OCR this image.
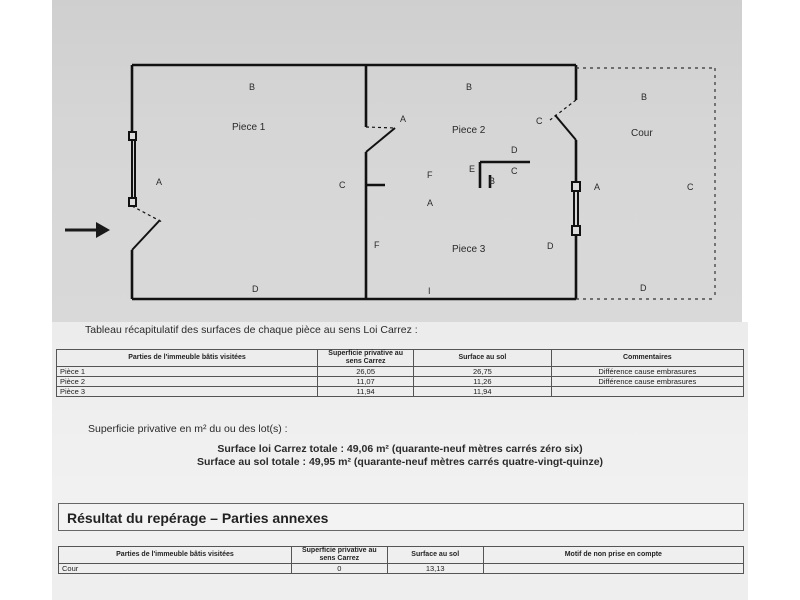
Piece 1	Piece 2
Piece 3
Cour
A
B
C
D
A
B
C
D
E
F
B
C
A
F	D
I
A
B
C
D
Tableau récapitulatif des surfaces de chaque pièce au sens Loi Carrez :
Parties de l'immeuble bâtis visitées	Superficie privative au sens Carrez	Surface au sol	Commentaires
Pièce 1	26,05	26,75	Différence cause embrasures
Pièce 2	11,07	11,26	Différence cause embrasures
Pièce 3	11,94	11,94	
Superficie privative en m² du ou des lot(s) :
Surface loi Carrez totale : 49,06 m² (quarante-neuf mètres carrés zéro six)
Surface au sol totale : 49,95 m² (quarante-neuf mètres carrés quatre-vingt-quinze)
Résultat du repérage – Parties annexes
Parties de l'immeuble bâtis visitées	Superficie privative au sens Carrez	Surface au sol	Motif de non prise en compte
Cour	0	13,13	
